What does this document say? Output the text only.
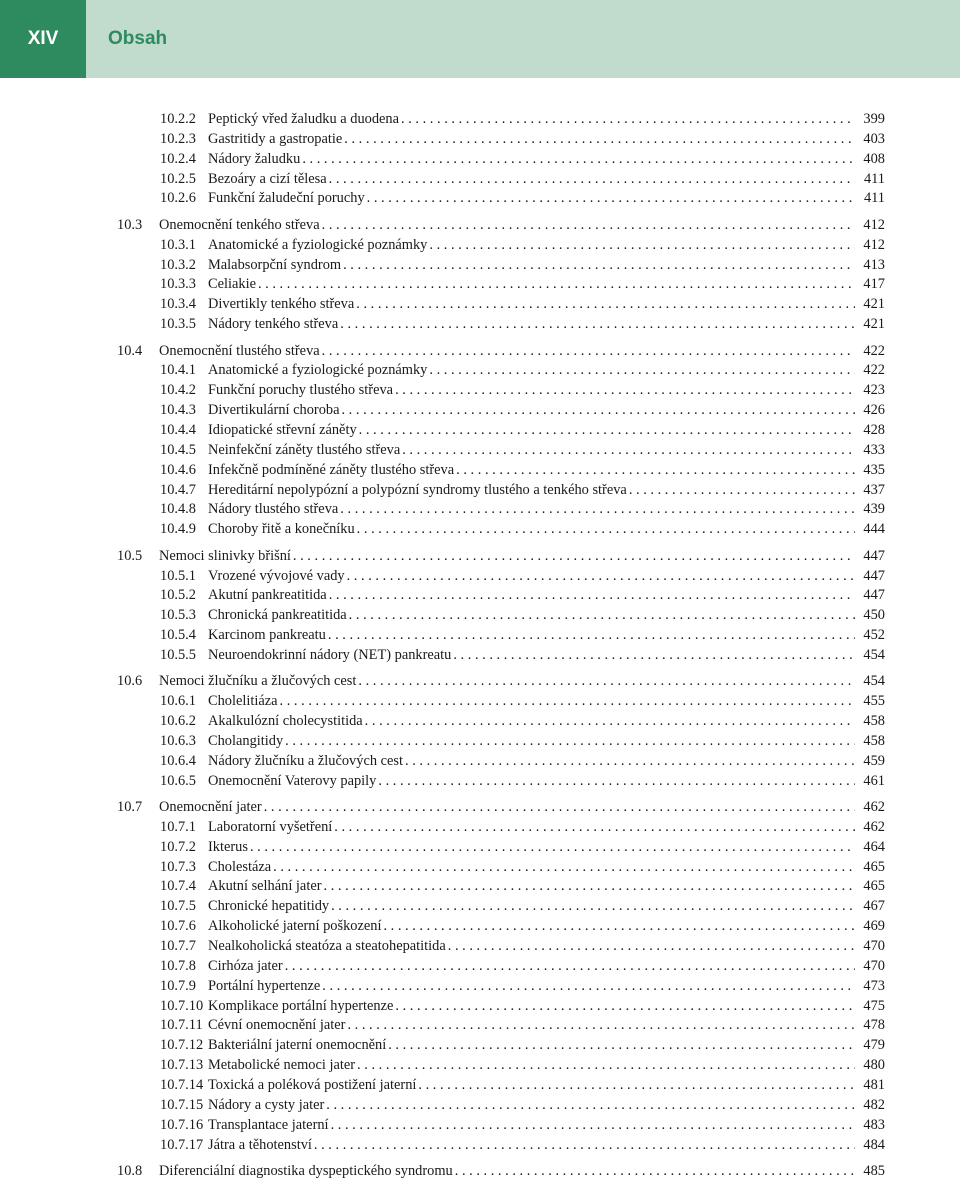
XIV	Obsah
10.2.2 Peptický vřed žaludku a duodena . . .	399
10.2.3 Gastritidy a gastropatie . . .	403
10.2.4 Nádory žaludku . . .	408
10.2.5 Bezoáry a cizí tělesa . . .	411
10.2.6 Funkční žaludeční poruchy . . .	411
10.3	Onemocnění tenkého střeva . . .	412
10.3.1 Anatomické a fyziologické poznámky . . .	412
10.3.2 Malabsorpční syndrom . . .	413
10.3.3 Celiakie . . .	417
10.3.4 Divertikly tenkého střeva . . .	421
10.3.5 Nádory tenkého střeva . . .	421
10.4	Onemocnění tlustého střeva . . .	422
10.4.1 Anatomické a fyziologické poznámky . . .	422
10.4.2 Funkční poruchy tlustého střeva . . .	423
10.4.3 Divertikulární choroba . . .	426
10.4.4 Idiopatické střevní záněty . . .	428
10.4.5 Neinfekční záněty tlustého střeva . . .	433
10.4.6 Infekčně podmíněné záněty tlustého střeva . . .	435
10.4.7 Hereditární nepolypózní a polypózní syndromy tlustého a tenkého střeva . . .	437
10.4.8 Nádory tlustého střeva . . .	439
10.4.9 Choroby řitě a konečníku . . .	444
10.5	Nemoci slinivky břišní . . .	447
10.5.1 Vrozené vývojové vady . . .	447
10.5.2 Akutní pankreatitida . . .	447
10.5.3 Chronická pankreatitida . . .	450
10.5.4 Karcinom pankreatu . . .	452
10.5.5 Neuroendokrinní nádory (NET) pankreatu . . .	454
10.6	Nemoci žlučníku a žlučových cest . . .	454
10.6.1 Cholelitiáza . . .	455
10.6.2 Akalkulózní cholecystitida . . .	458
10.6.3 Cholangitidy . . .	458
10.6.4 Nádory žlučníku a žlučových cest . . .	459
10.6.5 Onemocnění Vaterovy papily . . .	461
10.7	Onemocnění jater . . .	462
10.7.1 Laboratorní vyšetření . . .	462
10.7.2 Ikterus . . .	464
10.7.3 Cholestáza . . .	465
10.7.4 Akutní selhání jater . . .	465
10.7.5 Chronické hepatitidy . . .	467
10.7.6 Alkoholické jaterní poškození . . .	469
10.7.7 Nealkoholická steatóza a steatohepatitida . . .	470
10.7.8 Cirhóza jater . . .	470
10.7.9 Portální hypertenze . . .	473
10.7.10 Komplikace portální hypertenze . . .	475
10.7.11 Cévní onemocnění jater . . .	478
10.7.12 Bakteriální jaterní onemocnění . . .	479
10.7.13 Metabolické nemoci jater . . .	480
10.7.14 Toxická a poléková postižení jaterní . . .	481
10.7.15 Nádory a cysty jater . . .	482
10.7.16 Transplantace jaterní . . .	483
10.7.17 Játra a těhotenství . . .	484
10.8	Diferenciální diagnostika dyspeptického syndromu . . .	485
